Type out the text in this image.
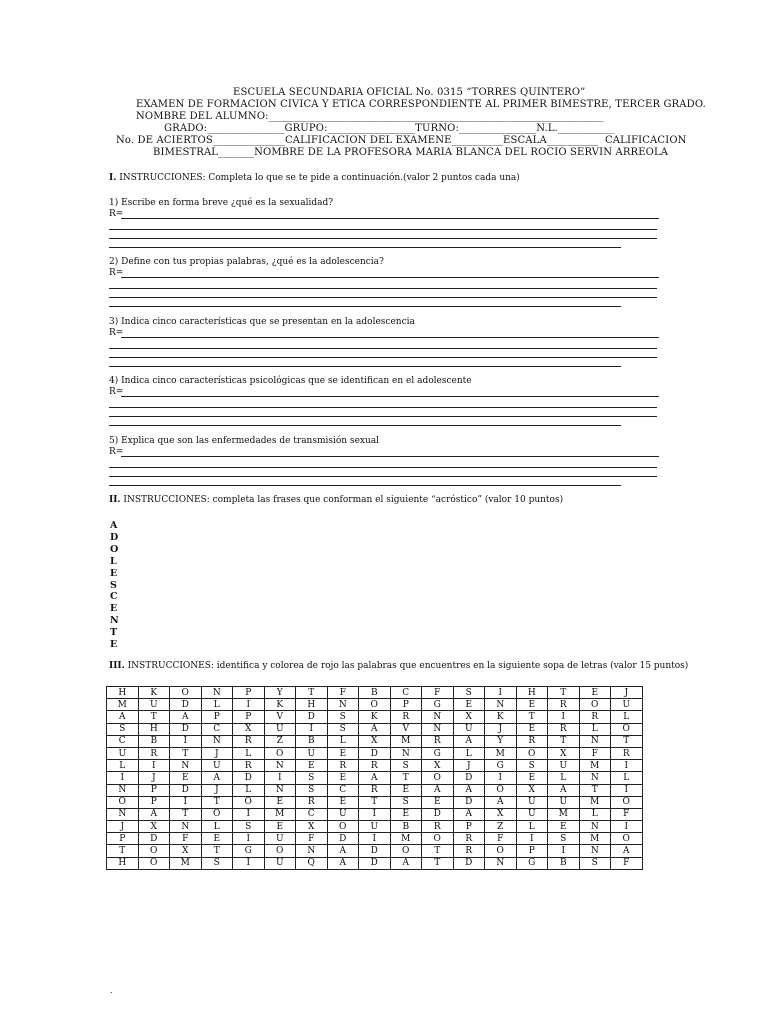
ESCUELA SECUNDARIA OFICIAL No. 0315 “TORRES QUINTERO”
EXAMEN DE FORMACION CIVICA Y ETICA CORRESPONDIENTE AL PRIMER BIMESTRE, TERCER GRADO.
NOMBRE DEL ALUMNO:_________________________________________________________________
GRADO:_______________GRUPO:_________________TURNO:_______________N.L.___________
No. DE ACIERTOS______________CALIFICACION DEL EXAMENE__________ESCALA__________  CALIFICACION
BIMESTRAL_______NOMBRE DE LA PROFESORA MARIA BLANCA DEL ROCIO SERVIN ARREOLA
I. INSTRUCCIONES: Completa lo que se te pide a continuación.(valor 2 puntos cada una)
1) Escribe en forma breve ¿qué es la sexualidad?
R=
2) Define con tus propias palabras, ¿qué es la adolescencia?
R=
3) Indica cinco características que se presentan en la adolescencia
R=
4) Indica cinco características psicológicas que se identifican en el adolescente
R=
5) Explica que son las enfermedades de transmisión sexual
R=
II. INSTRUCCIONES: completa las frases que conforman el siguiente “acróstico” (valor 10 puntos)
A
D
O
L
E
S
C
E
N
T
E
III. INSTRUCCIONES: identifica y colorea de rojo las palabras que encuentres en la siguiente sopa de letras (valor 15 puntos)
H	K	O	N	P	Y	T	F	B	C	F	S	I	H	T	E	J
M	U	D	L	I	K	H	Ñ	O	P	G	E	N	E	R	O	U
A	T	A	P	P	V	D	S	K	R	N	X	K	T	I	R	L
S	H	D	C	X	U	I	S	A	V	N	U	J	E	R	L	O
C	B	I	N	R	Z	B	L	X	M	R	A	Y	R	T	N	T
U	R	T	J	L	O	U	E	D	N	G	L	M	O	X	F	R
L	I	N	U	R	N	E	R	R	S	X	J	G	S	U	M	I
I	J	E	A	D	I	S	E	A	T	O	D	I	E	L	N	L
N	P	D	J	L	N	S	C	R	E	A	A	O	X	A	T	I
O	P	I	T	O	E	R	E	T	S	E	D	A	U	U	M	O
N	A	T	O	I	M	C	U	I	E	D	A	X	U	M	L	F
J	X	N	L	S	E	X	O	U	B	R	P	Z	L	E	N	I
P	D	F	E	I	U	F	D	I	M	O	R	F	I	S	M	O
T	O	X	T	G	O	N	A	D	O	T	R	O	P	I	N	A
H	O	M	S	I	U	Q	A	D	A	T	D	N	G	B	S	F
.
